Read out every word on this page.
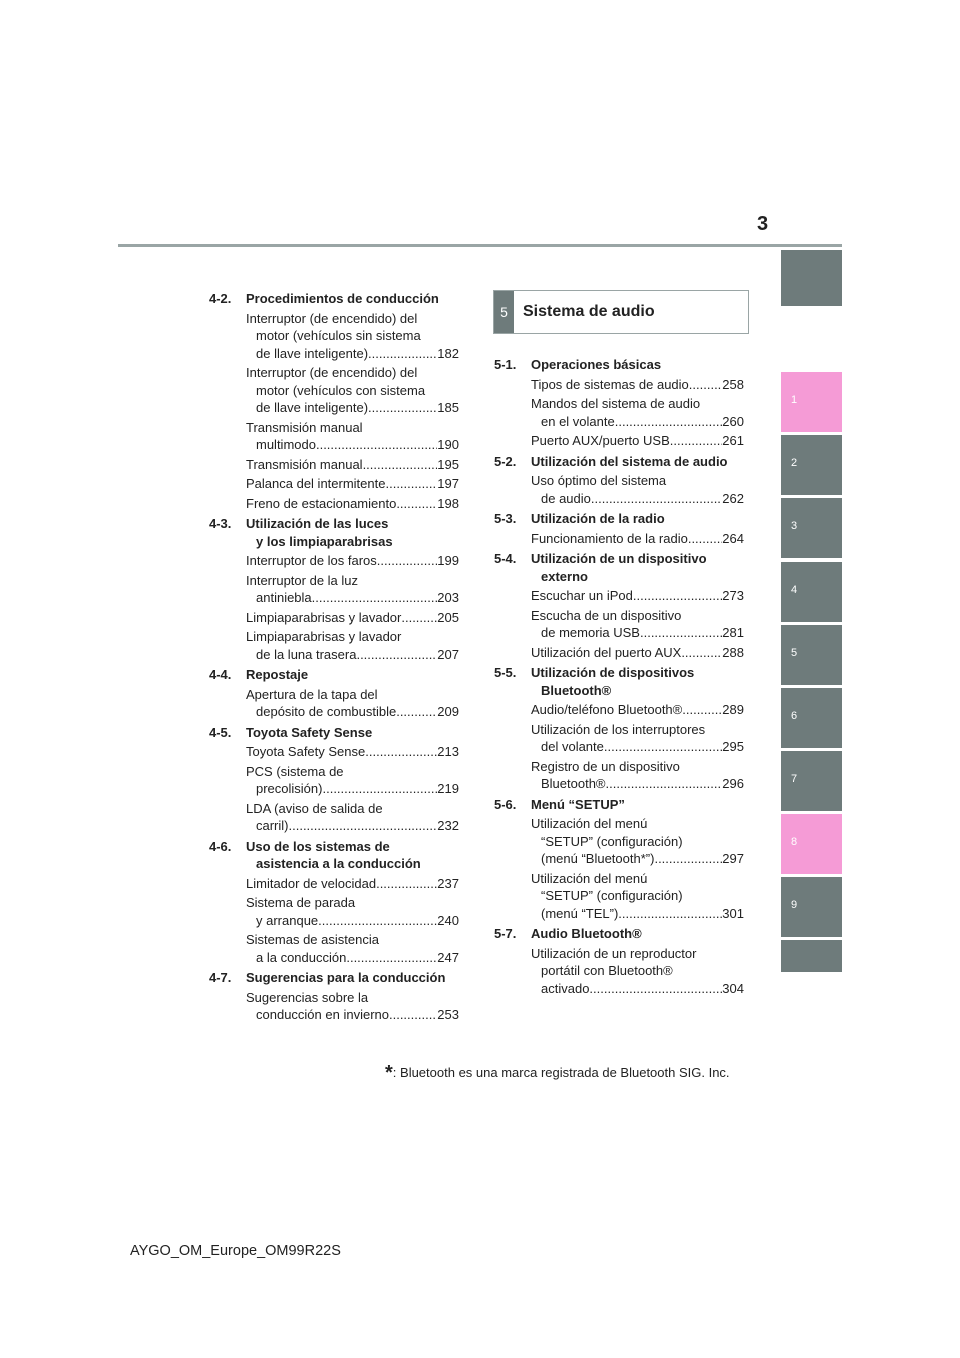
3
1
2
3
4
5
6
7
8
9
4-2.	Procedimientos de conducción
Interruptor (de encendido) del
motor (vehículos sin sistema
de llave inteligente)............... ..... 182
Interruptor (de encendido) del
motor (vehículos con sistema
de llave inteligente)............... ..... 185
Transmisión manual
multimodo .....	190
Transmisión manual .....	195
Palanca del intermitente .....	197
Freno de estacionamiento .....	198
4-3.	Utilización de las luces
y los limpiaparabrisas
Interruptor de los faros .....	199
Interruptor de la luz
antiniebla .....	203
Limpiaparabrisas y lavador .....	205
Limpiaparabrisas y lavador
de la luna trasera .....	207
4-4.	Repostaje
Apertura de la tapa del
depósito de combustible .....	209
4-5.	Toyota Safety Sense
Toyota Safety Sense .....	213
PCS (sistema de
precolisión) .....	219
LDA (aviso de salida de
carril) .....	232
4-6.	Uso de los sistemas de
asistencia a la conducción
Limitador de velocidad .....	237
Sistema de parada
y arranque .....	240
Sistemas de asistencia
a la conducción .....	247
4-7.	Sugerencias para la conducción
Sugerencias sobre la
conducción en invierno .....	253
5 Sistema de audio
5-1.	Operaciones básicas
Tipos de sistemas de audio .....	258
Mandos del sistema de audio
en el volante .....	260
Puerto AUX/puerto USB .....	261
5-2.	Utilización del sistema de audio
Uso óptimo del sistema
de audio .....	262
5-3.	Utilización de la radio
Funcionamiento de la radio .....	264
5-4.	Utilización de un dispositivo
externo
Escuchar un iPod .....	273
Escucha de un dispositivo
de memoria USB .....	281
Utilización del puerto AUX .....	288
5-5.	Utilización de dispositivos
Bluetooth®
Audio/teléfono Bluetooth® .....	289
Utilización de los interruptores
del volante .....	295
Registro de un dispositivo
Bluetooth® .....	296
5-6.	Menú “SETUP”
Utilización del menú
“SETUP” (configuración)
(menú “Bluetooth*”) .....	297
Utilización del menú
“SETUP” (configuración)
(menú “TEL”) .....	301
5-7.	Audio Bluetooth®
Utilización de un reproductor
portátil con Bluetooth®
activado .....	304
*: Bluetooth es una marca registrada de Bluetooth SIG. Inc.
AYGO_OM_Europe_OM99R22S
